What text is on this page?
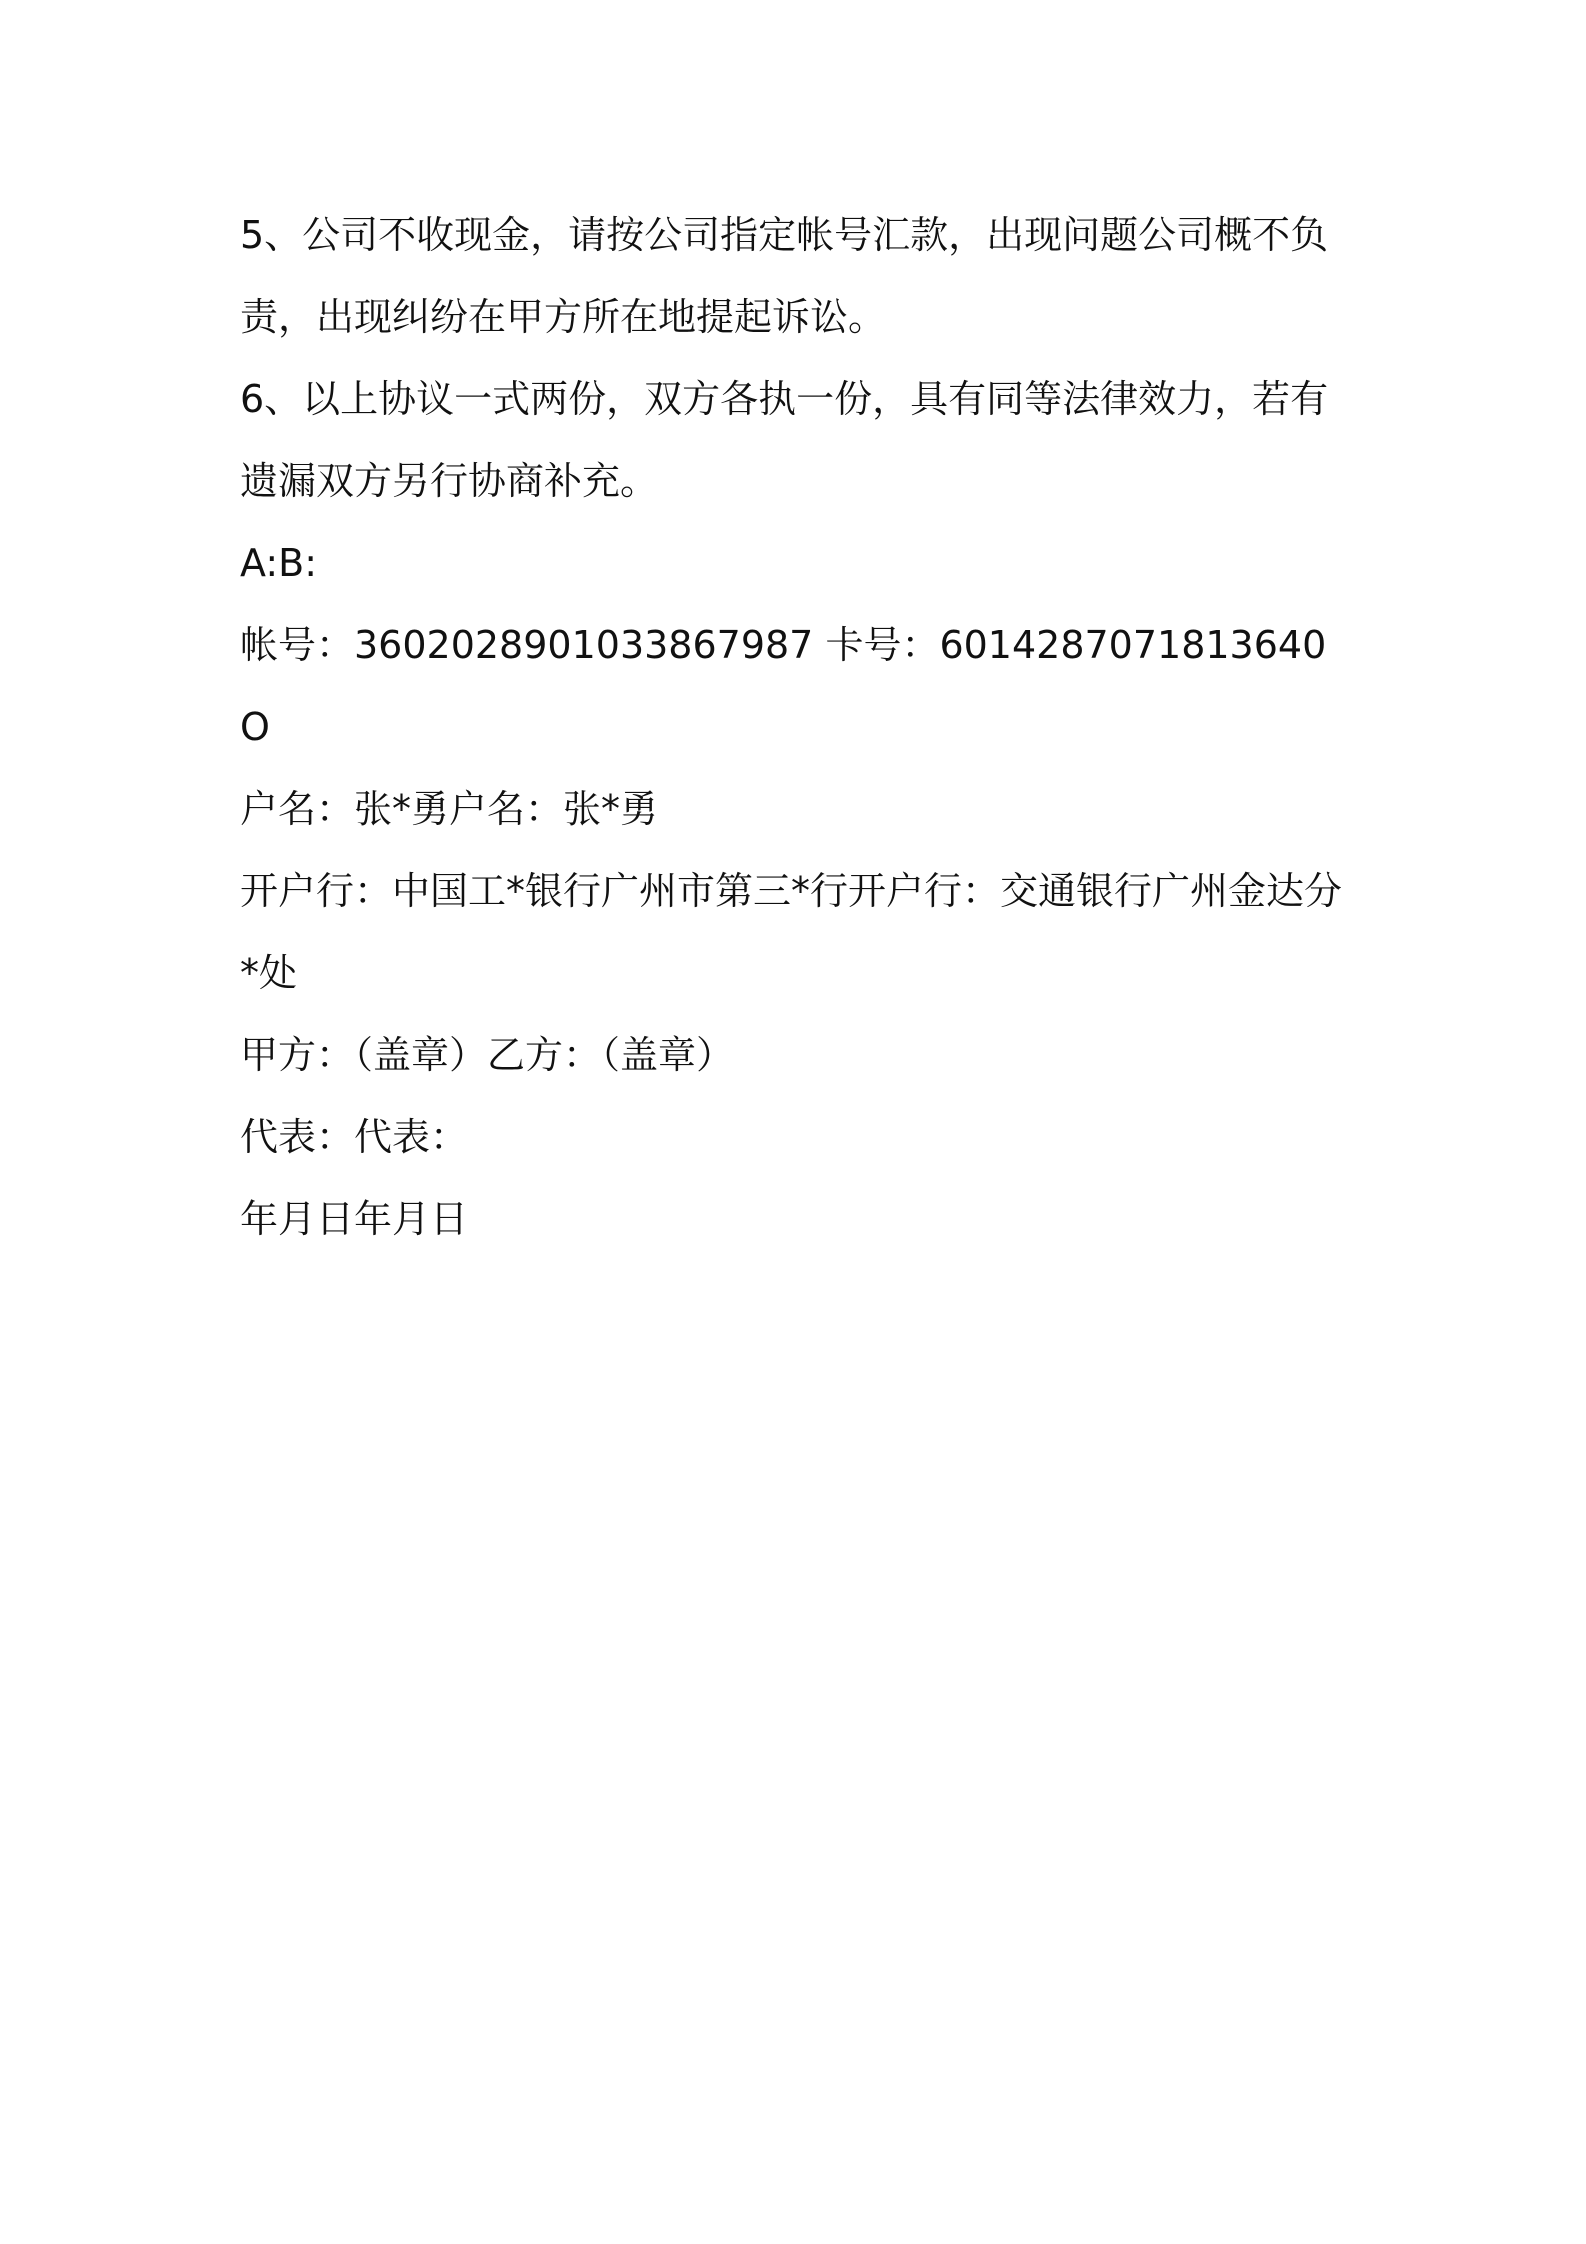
5、公司不收现金，请按公司指定帐号汇款，出现问题公司概不负责，出现纠纷在甲方所在地提起诉讼。

6、以上协议一式两份，双方各执一份，具有同等法律效力，若有遗漏双方另行协商补充。

A:B:

帐号：3602028901033867987 卡号：6014287071813640O

户名：张*勇户名：张*勇

开户行：中国工*银行广州市第三*行开户行：交通银行广州金达分*处

甲方：（盖章）乙方：（盖章）

代表：代表：

年月日年月日
